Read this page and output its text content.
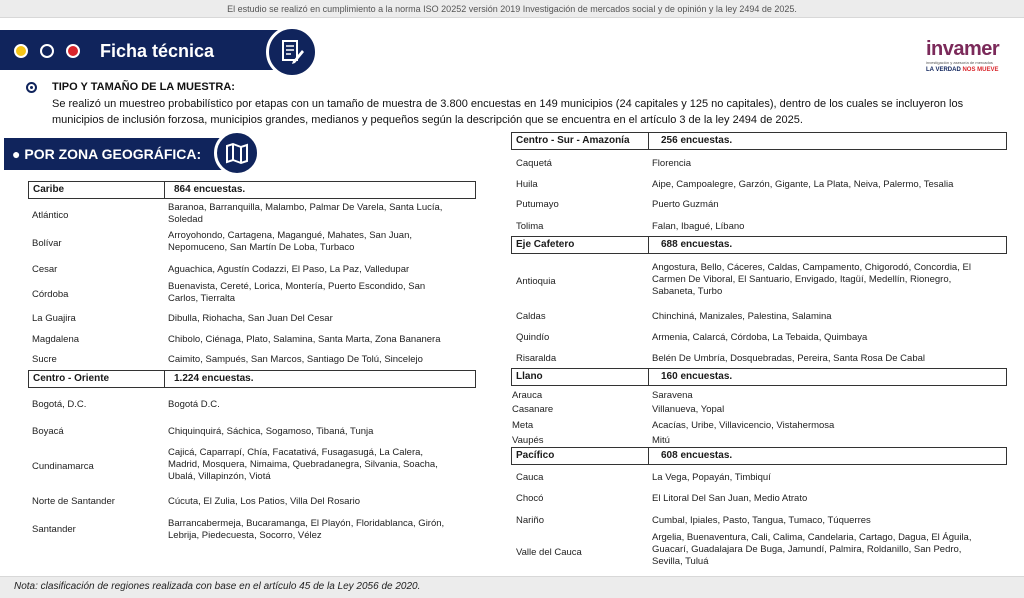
El estudio se realizó en cumplimiento a la norma ISO 20252 versión 2019 Investigación de mercados social y de opinión y la ley 2494 de 2025.
Ficha técnica	invamer
investigación y asesoría de mercados
LA VERDAD NOS MUEVE
TIPO Y TAMAÑO DE LA MUESTRA:
Se realizó un muestreo probabilístico por etapas con un tamaño de muestra de 3.800 encuestas en 149 municipios (24 capitales y 125 no capitales), dentro de los cuales se incluyeron los municipios de inclusión forzosa, municipios grandes, medianos y pequeños según la descripción que se encuentra en el artículo 3 de la ley 2494 de 2025.
● POR ZONA GEOGRÁFICA:
Caribe	864 encuestas.
Atlántico
Baranoa, Barranquilla, Malambo, Palmar De Varela, Santa Lucía,
Soledad
Bolívar
Arroyohondo, Cartagena, Magangué, Mahates, San Juan,
Nepomuceno, San Martín De Loba, Turbaco
Cesar	Aguachica, Agustín Codazzi, El Paso, La Paz, Valledupar
Córdoba
Buenavista, Cereté, Lorica, Montería, Puerto Escondido, San
Carlos, Tierralta
La Guajira	Dibulla, Riohacha, San Juan Del Cesar
Magdalena	Chibolo, Ciénaga, Plato, Salamina, Santa Marta, Zona Bananera
Sucre	Caimito, Sampués, San Marcos, Santiago De Tolú, Sincelejo
Centro - Oriente	1.224 encuestas.
Bogotá, D.C.	Bogotá D.C.
Boyacá	Chiquinquirá, Sáchica, Sogamoso, Tibaná, Tunja
Cundinamarca
Cajicá, Caparrapí, Chía, Facatativá, Fusagasugá, La Calera,
Madrid, Mosquera, Nimaima, Quebradanegra, Silvania, Soacha,
Ubalá, Villapinzón, Viotá
Norte de Santander	Cúcuta, El Zulia, Los Patios, Villa Del Rosario
Santander
Barrancabermeja, Bucaramanga, El Playón, Floridablanca, Girón,
Lebrija, Piedecuesta, Socorro, Vélez
Centro - Sur - Amazonía	256 encuestas.
Caquetá	Florencia
Huila	Aipe, Campoalegre, Garzón, Gigante, La Plata, Neiva, Palermo, Tesalia
Putumayo	Puerto Guzmán
Tolima	Falan, Ibagué, Líbano
Eje Cafetero	688 encuestas.
Antioquia
Angostura, Bello, Cáceres, Caldas, Campamento, Chigorodó, Concordia, El
Carmen De Viboral, El Santuario, Envigado, Itagüí, Medellín, Rionegro,
Sabaneta, Turbo
Caldas	Chinchiná, Manizales, Palestina, Salamina
Quindío	Armenia, Calarcá, Córdoba, La Tebaida, Quimbaya
Risaralda	Belén De Umbría, Dosquebradas, Pereira, Santa Rosa De Cabal
Llano	160 encuestas.
Arauca	Saravena
Casanare	Villanueva, Yopal
Meta	Acacías, Uribe, Villavicencio, Vistahermosa
Vaupés	Mitú
Pacífico	608 encuestas.
Cauca	La Vega, Popayán, Timbiquí
Chocó	El Litoral Del San Juan, Medio Atrato
Nariño	Cumbal, Ipiales, Pasto, Tangua, Tumaco, Túquerres
Valle del Cauca
Argelia, Buenaventura, Cali, Calima, Candelaria, Cartago, Dagua, El Águila,
Guacarí, Guadalajara De Buga, Jamundí, Palmira, Roldanillo, San Pedro,
Sevilla, Tuluá
Nota: clasificación de regiones realizada con base en el artículo 45 de la Ley 2056 de 2020.
